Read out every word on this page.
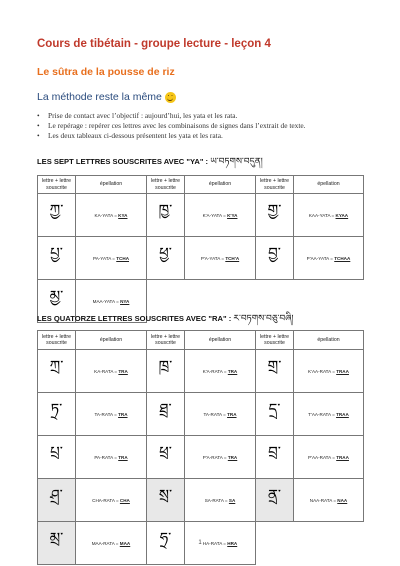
Cours de tibétain - groupe lecture - leçon 4
Le sûtra de la pousse de riz
La méthode reste la même
• Prise de contact avec l’objectif : aujourd’hui, les yata et les rata.
• Le repérage : repérer ces lettres avec les combinaisons de signes dans l’extrait de texte.
• Les deux tableaux ci-dessous présentent les yata et les rata.
LES SEPT LETTRES SOUSCRITES AVEC "YA" : ཡ་བཏགས་བདུན།
lettre + lettre souscrite	épellation	lettre + lettre souscrite	épellation	lettre + lettre souscrite	épellation
ཀྱ་	KA-YATA = KYA	ཁྱ་	K'A-YATA = K'YA	གྱ་	KAA-YATA = KYAA
པྱ་	PA-YATA = TCHA	ཕྱ་	P'A-YATA = TCH'A	བྱ་	P'AA-YATA = TCHAA
མྱ་	MAA-YATA = NYA				
LES QUATORZE LETTRES SOUSCRITES AVEC "RA" : ར་བཏགས་བཅུ་བཞི།
lettre + lettre souscrite	épellation	lettre + lettre souscrite	épellation	lettre + lettre souscrite	épellation
ཀྲ་	KA-RATA = TRA	ཁྲ་	K'A-RATA = TRA	གྲ་	K'AA-RATA = TRAA
ཏྲ་	TA-RATA = TRA	ཐྲ་	TA-RATA = TRA	དྲ་	T'AA-RATA = TRAA
པྲ་	PA-RATA = TRA	ཕྲ་	P'A-RATA = TRA	བྲ་	P'AA-RATA = TRAA
ཤྲ་	CHA-RATA = CHA	སྲ་	SA-RATA = SA	ནྲ་	NAA-RATA = NAA
མྲ་	MAA-RATA = MAA	ཧྲ་	HA-RATA = HRA		
1
